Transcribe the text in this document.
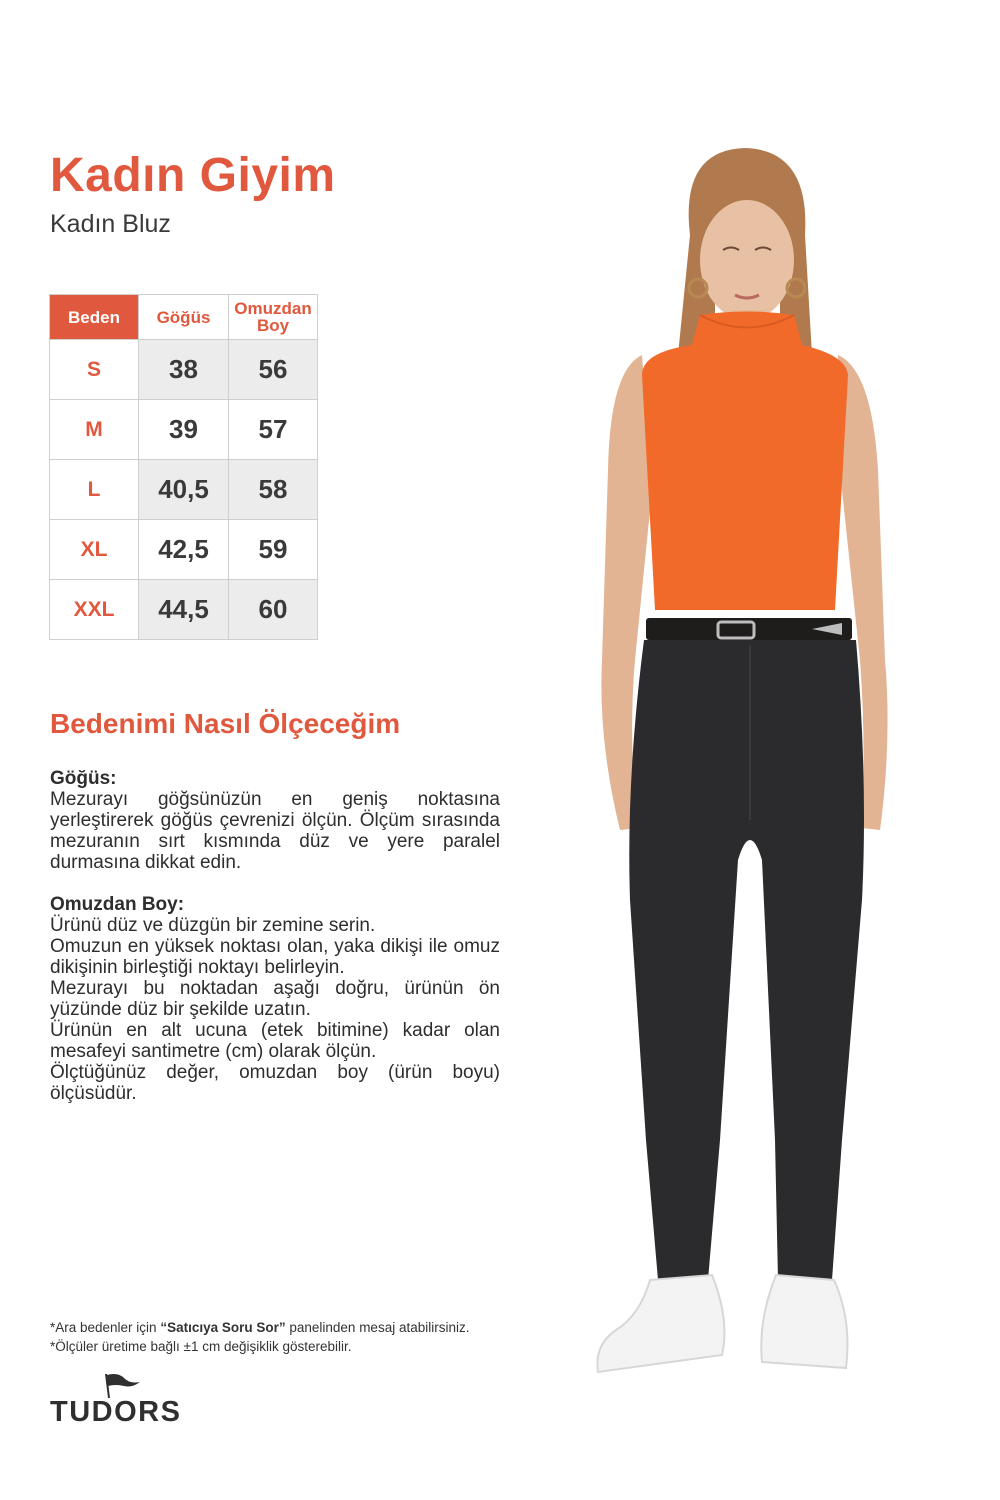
Kadın Giyim
Kadın Bluz
Beden	Göğüs	Omuzdan Boy
S	38	56
M	39	57
L	40,5	58
XL	42,5	59
XXL	44,5	60
Bedenimi Nasıl Ölçeceğim
Göğüs:

Mezurayı göğsünüzün en geniş noktasına yerleştirerek göğüs çevrenizi ölçün. Ölçüm sırasında mezuranın sırt kısmında düz ve yere paralel durmasına dikkat edin.

Omuzdan Boy:

Ürünü düz ve düzgün bir zemine serin.

Omuzun en yüksek noktası olan, yaka dikişi ile omuz dikişinin birleştiği noktayı belirleyin.

Mezurayı bu noktadan aşağı doğru, ürünün ön yüzünde düz bir şekilde uzatın.

Ürünün en alt ucuna (etek bitimine) kadar olan mesafeyi santimetre (cm) olarak ölçün.

Ölçtüğünüz değer, omuzdan boy (ürün boyu) ölçüsüdür.

*Ara bedenler için “Satıcıya Soru Sor” panelinden mesaj atabilirsiniz.

*Ölçüler üretime bağlı ±1 cm değişiklik gösterebilir.

TUDORS
